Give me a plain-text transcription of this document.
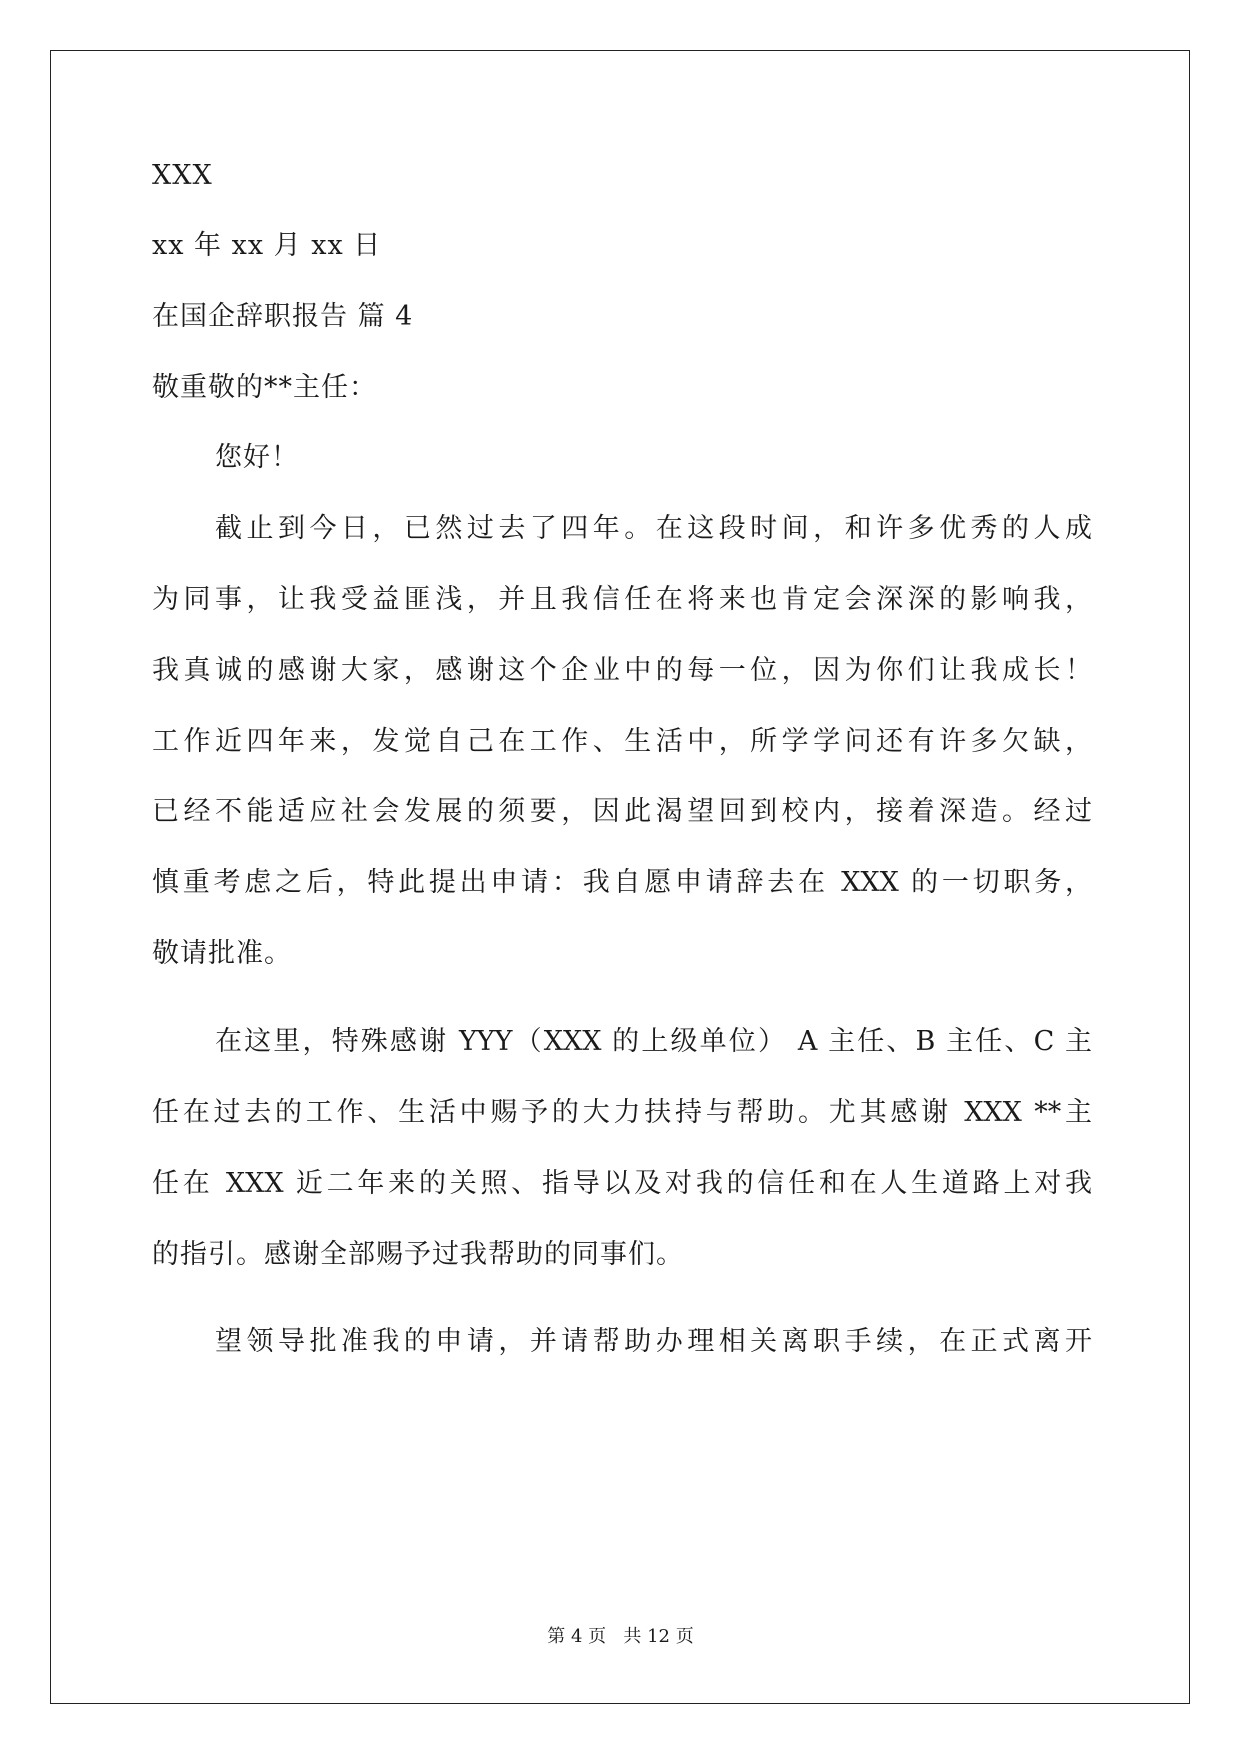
XXX
xx 年 xx 月 xx 日
在国企辞职报告 篇 4
敬重敬的**主任：
您好！
截止到今日，已然过去了四年。在这段时间，和许多优秀的人成
为同事，让我受益匪浅，并且我信任在将来也肯定会深深的影响我，
我真诚的感谢大家，感谢这个企业中的每一位，因为你们让我成长！
工作近四年来，发觉自己在工作、生活中，所学学问还有许多欠缺，
已经不能适应社会发展的须要，因此渴望回到校内，接着深造。经过
慎重考虑之后，特此提出申请：我自愿申请辞去在 XXX 的一切职务，
敬请批准。
在这里，特殊感谢 YYY（XXX 的上级单位） A 主任、B 主任、C 主
任在过去的工作、生活中赐予的大力扶持与帮助。尤其感谢 XXX **主
任在 XXX 近二年来的关照、指导以及对我的信任和在人生道路上对我
的指引。感谢全部赐予过我帮助的同事们。
望领导批准我的申请，并请帮助办理相关离职手续，在正式离开
第 4 页   共 12 页
